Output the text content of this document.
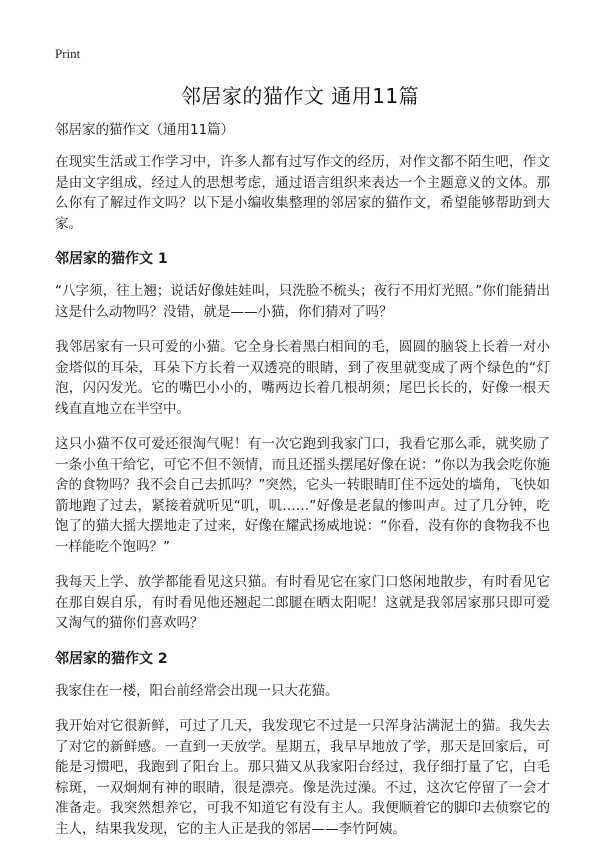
Print
邻居家的猫作文 通用11篇
邻居家的猫作文（通用11篇）

在现实生活或工作学习中，许多人都有过写作文的经历，对作文都不陌生吧，作文是由文字组成，经过人的思想考虑，通过语言组织来表达一个主题意义的文体。那么你有了解过作文吗？以下是小编收集整理的邻居家的猫作文，希望能够帮助到大家。

邻居家的猫作文 1

“八字须，往上翘；说话好像娃娃叫，只洗脸不梳头；夜行不用灯光照。”你们能猜出这是什么动物吗？没错，就是——小猫，你们猜对了吗？

我邻居家有一只可爱的小猫。它全身长着黑白相间的毛，圆圆的脑袋上长着一对小金塔似的耳朵，耳朵下方长着一双透亮的眼睛，到了夜里就变成了两个绿色的“灯泡，闪闪发光。它的嘴巴小小的，嘴两边长着几根胡须；尾巴长长的，好像一根天线直直地立在半空中。

这只小猫不仅可爱还很淘气呢！有一次它跑到我家门口，我看它那么乖，就奖励了一条小鱼干给它，可它不但不领情，而且还摇头摆尾好像在说：“你以为我会吃你施舍的食物吗？我不会自己去抓吗？”突然，它头一转眼睛盯住不远处的墙角，飞快如箭地跑了过去，紧接着就听见“叽，叽……”好像是老鼠的惨叫声。过了几分钟，吃饱了的猫大摇大摆地走了过来，好像在耀武扬威地说：“你看，没有你的食物我不也一样能吃个饱吗？”

我每天上学、放学都能看见这只猫。有时看见它在家门口悠闲地散步，有时看见它在那自娱自乐，有时看见他还翘起二郎腿在晒太阳呢！这就是我邻居家那只即可爱又淘气的猫你们喜欢吗？

邻居家的猫作文 2

我家住在一楼，阳台前经常会出现一只大花猫。

我开始对它很新鲜，可过了几天，我发现它不过是一只浑身沾满泥土的猫。我失去了对它的新鲜感。一直到一天放学。星期五，我早早地放了学，那天是回家后，可能是习惯吧，我跑到了阳台上。那只猫又从我家阳台经过，我仔细打量了它，白毛棕斑，一双炯炯有神的眼睛，很是漂亮。像是洗过澡。不过，这次它停留了一会才准备走。我突然想养它，可我不知道它有没有主人。我便顺着它的脚印去侦察它的主人，结果我发现，它的主人正是我的邻居——李竹阿姨。
